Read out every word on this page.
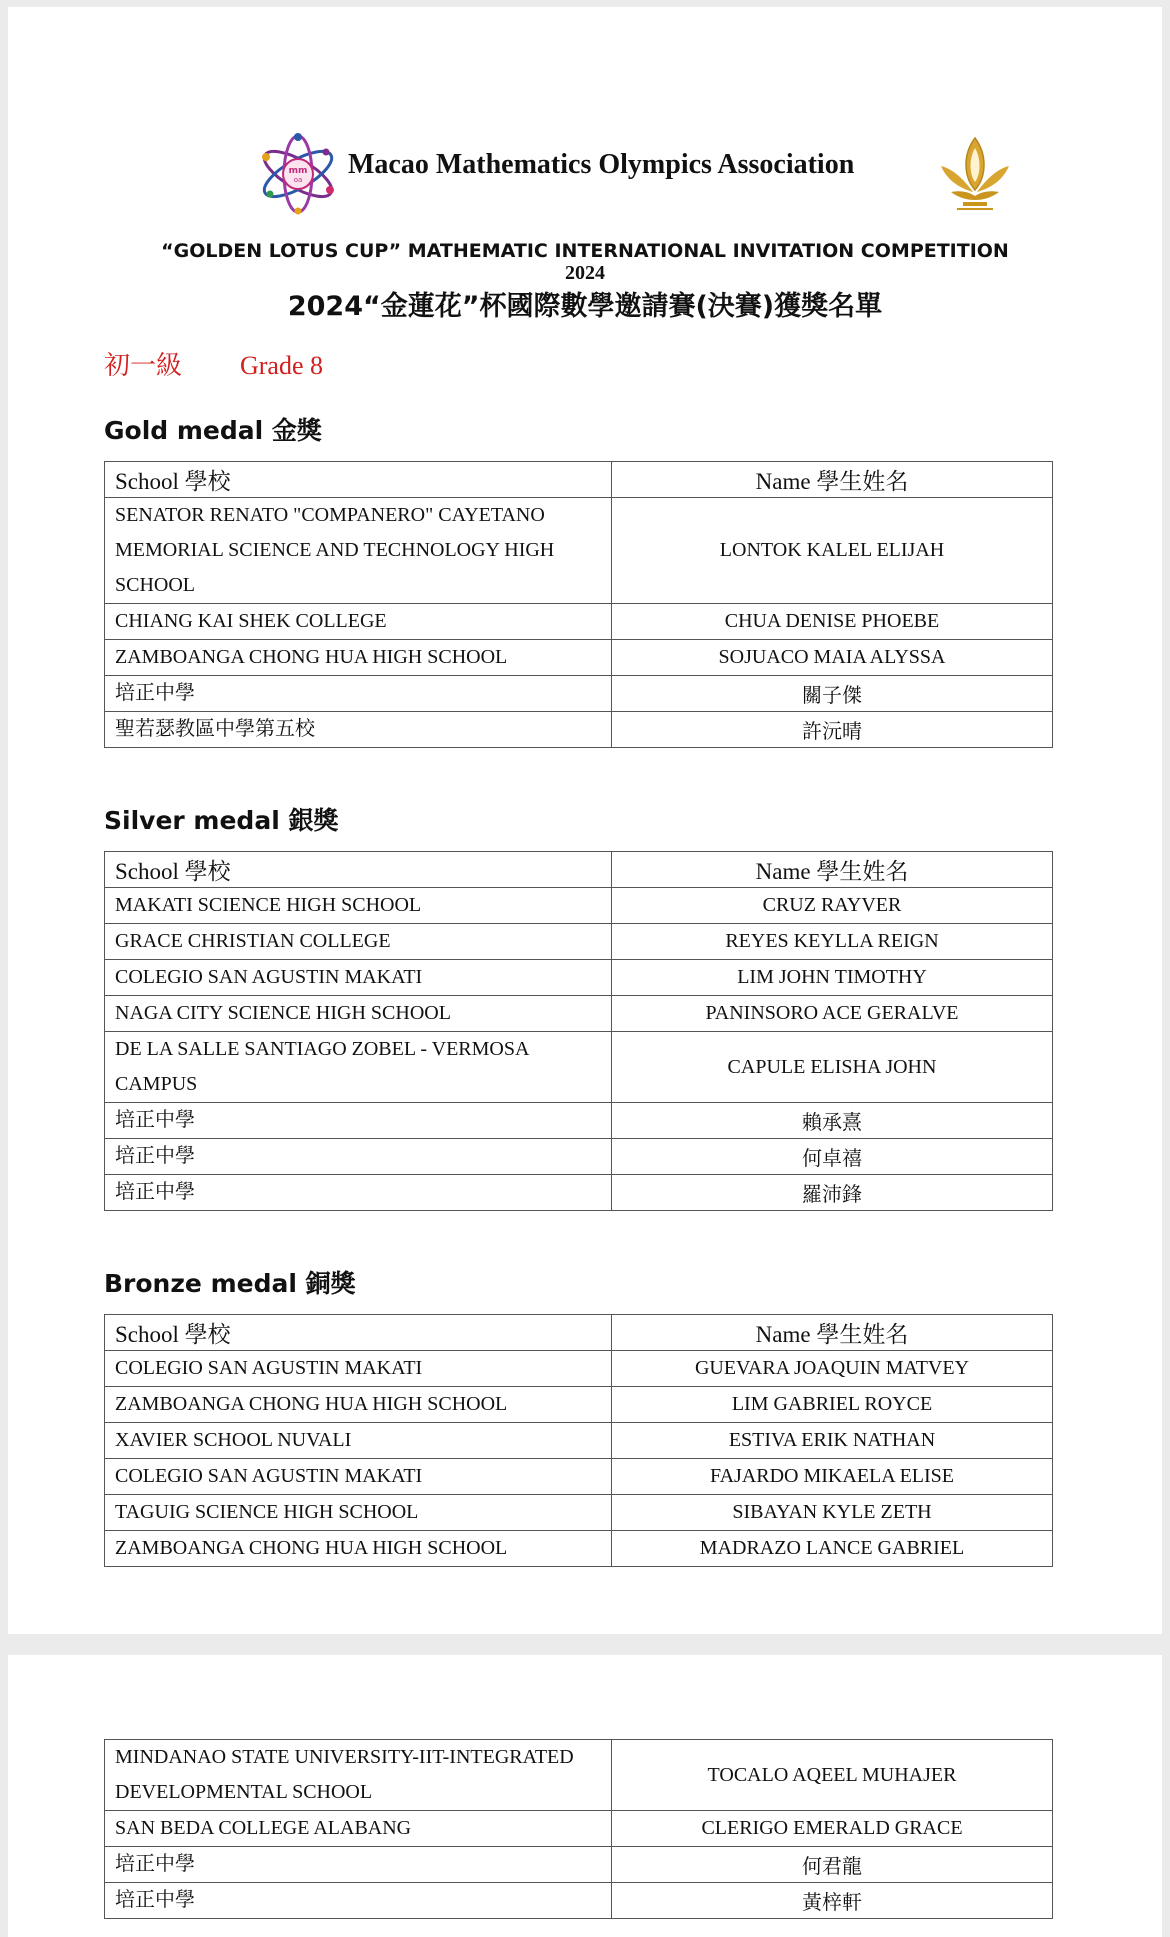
mm
oa Macao Mathematics Olympics Association
“GOLDEN LOTUS CUP” MATHEMATIC INTERNATIONAL INVITATION COMPETITION
2024
2024“金蓮花”杯國際數學邀請賽(決賽)獲獎名單
初一級 Grade 8
Gold medal 金獎
School 學校	Name 學生姓名
SENATOR RENATO "COMPANERO" CAYETANO MEMORIAL SCIENCE AND TECHNOLOGY HIGH SCHOOL	LONTOK KALEL ELIJAH
CHIANG KAI SHEK COLLEGE	CHUA DENISE PHOEBE
ZAMBOANGA CHONG HUA HIGH SCHOOL	SOJUACO MAIA ALYSSA
培正中學	關子傑
聖若瑟教區中學第五校	許沅晴
Silver medal 銀獎
School 學校	Name 學生姓名
MAKATI SCIENCE HIGH SCHOOL	CRUZ RAYVER
GRACE CHRISTIAN COLLEGE	REYES KEYLLA REIGN
COLEGIO SAN AGUSTIN MAKATI	LIM JOHN TIMOTHY
NAGA CITY SCIENCE HIGH SCHOOL	PANINSORO ACE GERALVE
DE LA SALLE SANTIAGO ZOBEL - VERMOSA CAMPUS	CAPULE ELISHA JOHN
培正中學	賴承熹
培正中學	何卓禧
培正中學	羅沛鋒
Bronze medal 銅獎
School 學校	Name 學生姓名
COLEGIO SAN AGUSTIN MAKATI	GUEVARA JOAQUIN MATVEY
ZAMBOANGA CHONG HUA HIGH SCHOOL	LIM GABRIEL ROYCE
XAVIER SCHOOL NUVALI	ESTIVA ERIK NATHAN
COLEGIO SAN AGUSTIN MAKATI	FAJARDO MIKAELA ELISE
TAGUIG SCIENCE HIGH SCHOOL	SIBAYAN KYLE ZETH
ZAMBOANGA CHONG HUA HIGH SCHOOL	MADRAZO LANCE GABRIEL
MINDANAO STATE UNIVERSITY-IIT-INTEGRATED DEVELOPMENTAL SCHOOL	TOCALO AQEEL MUHAJER
SAN BEDA COLLEGE ALABANG	CLERIGO EMERALD GRACE
培正中學	何君龍
培正中學	黃梓軒
